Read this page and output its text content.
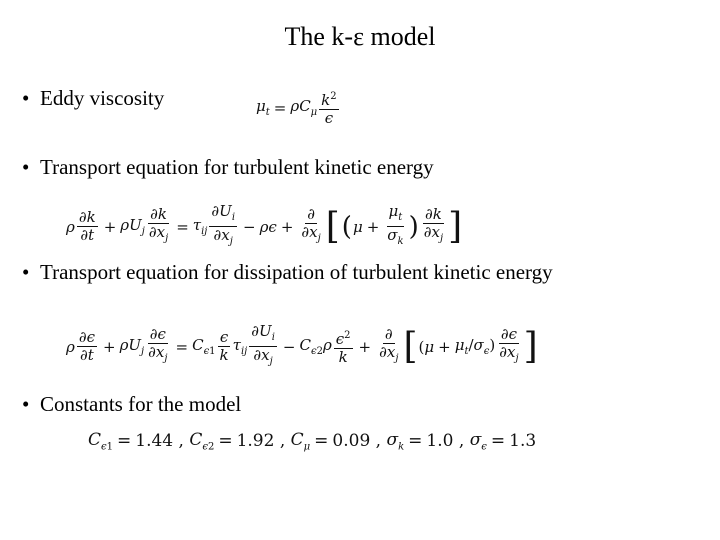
The k-ε model
• Eddy viscosity	$\mu_t = \rho C_\mu \frac{k^2}{\epsilon}$
• Transport equation for turbulent kinetic energy
ρ $\frac{\partial k}{\partial t} + \rho U_j \frac{\partial k}{\partial x_j} = \tau_{ij} \frac{\partial U_i}{\partial x_j} - \rho\epsilon + \frac{\partial}{\partial x_j}$ [ ( $\mu + \frac{\mu_t}{\sigma_k}$ ) $\frac{\partial k}{\partial x_j}$ ]
• Transport equation for dissipation of turbulent kinetic energy
ρ $\frac{\partial\epsilon}{\partial t} + \rho U_j \frac{\partial\epsilon}{\partial x_j} = C_{\epsilon 1} \frac{\epsilon}{k} \tau_{ij} \frac{\partial U_i}{\partial x_j} - C_{\epsilon 2}\rho \frac{\epsilon^2}{k} + \frac{\partial}{\partial x_j}$ [ $(\mu + \mu_t/\sigma_\epsilon) \frac{\partial\epsilon}{\partial x_j}$ ]
• Constants for the model
$C_{\epsilon 1} = 1.44$ , $C_{\epsilon 2} = 1.92$ , $C_\mu = 0.09$ , $\sigma_k = 1.0$ , $\sigma_\epsilon = 1.3$
